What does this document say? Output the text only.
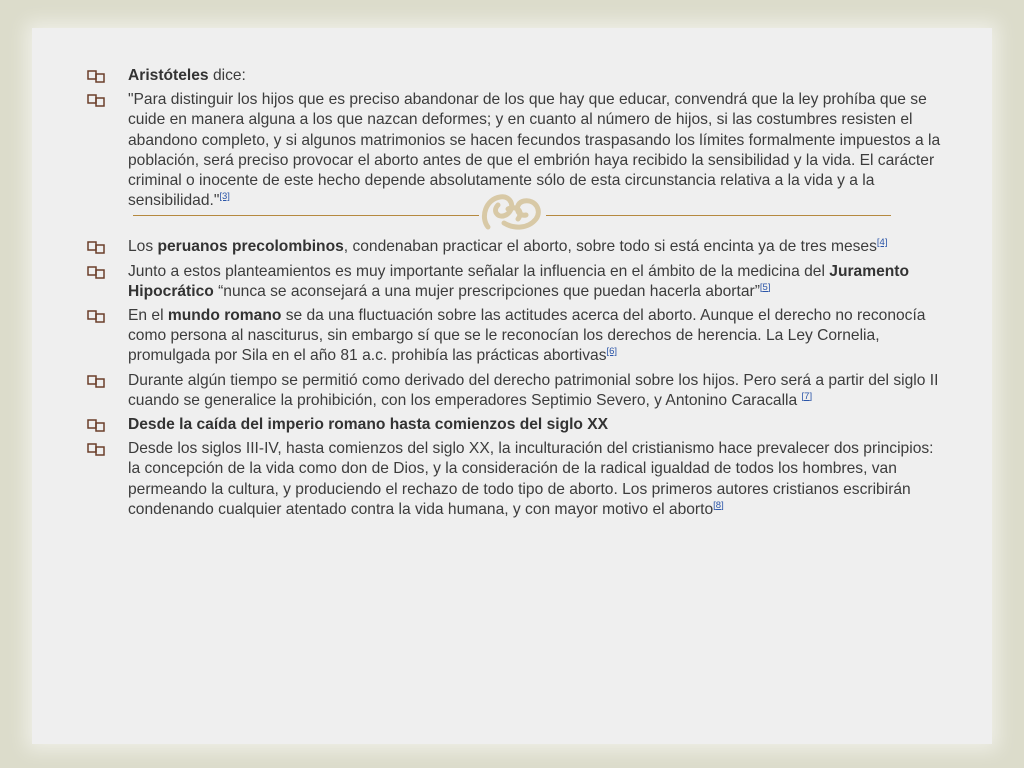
Aristóteles dice:
"Para distinguir los hijos que es preciso abandonar de los que hay que educar, convendrá que la ley prohíba que se cuide en manera alguna a los que nazcan deformes; y en cuanto al número de hijos, si las costumbres resisten el abandono completo, y si algunos matrimonios se hacen fecundos traspasando los límites formalmente impuestos a la población, será preciso provocar el aborto antes de que el embrión haya recibido la sensibilidad y la vida. El carácter criminal o inocente de este hecho depende absolutamente sólo de esta circunstancia relativa a la vida y a la sensibilidad."[3]
Los peruanos precolombinos, condenaban practicar el aborto, sobre todo si está encinta ya de tres meses[4]
Junto a estos planteamientos es muy importante señalar la influencia en el ámbito de la medicina del Juramento Hipocrático “nunca se aconsejará a una mujer prescripciones que puedan hacerla abortar”[5]
En el mundo romano se da una fluctuación sobre las actitudes acerca del aborto. Aunque el derecho no reconocía como persona al nasciturus, sin embargo sí que se le reconocían los derechos de herencia. La Ley Cornelia, promulgada por Sila en el año 81 a.c. prohibía las prácticas abortivas[6]
Durante algún tiempo se permitió como derivado del derecho patrimonial sobre los hijos. Pero será a partir del siglo II cuando se generalice la prohibición, con los emperadores Septimio Severo, y Antonino Caracalla [7]
Desde la caída del imperio romano hasta comienzos del siglo XX
Desde los siglos III-IV, hasta comienzos del siglo XX, la inculturación del cristianismo hace prevalecer dos principios: la concepción de la vida como don de Dios, y la consideración de la radical igualdad de todos los hombres, van permeando la cultura, y produciendo el rechazo de todo tipo de aborto. Los primeros autores cristianos escribirán condenando cualquier atentado contra la vida humana, y con mayor motivo el aborto[8]
